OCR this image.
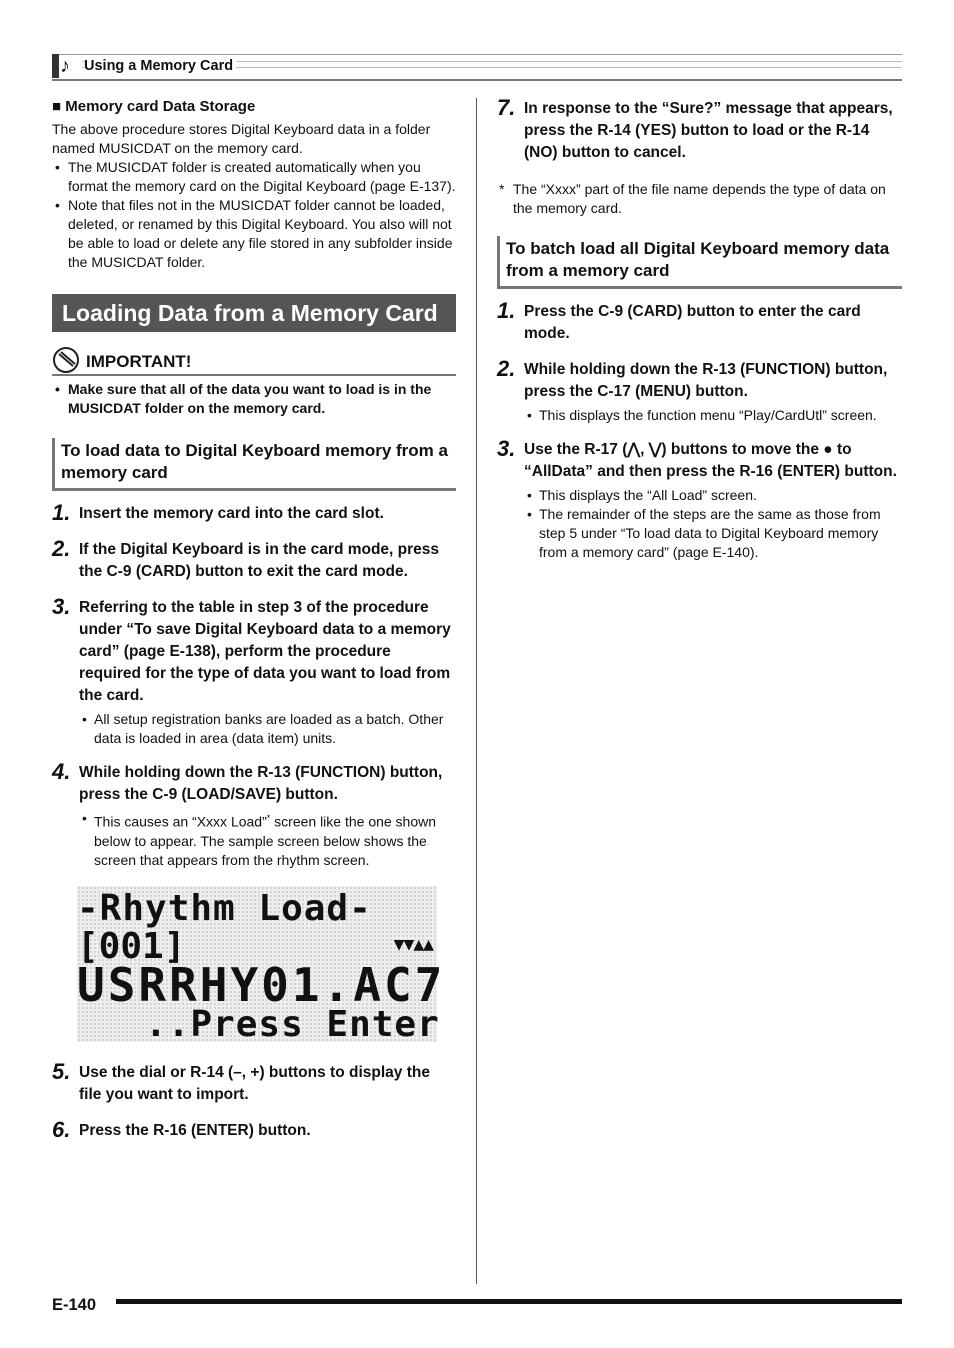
♪ Using a Memory Card
■ Memory card Data Storage

The above procedure stores Digital Keyboard data in a folder named MUSICDAT on the memory card.

• The MUSICDAT folder is created automatically when you format the memory card on the Digital Keyboard (page E-137).
• Note that files not in the MUSICDAT folder cannot be loaded, deleted, or renamed by this Digital Keyboard. You also will not be able to load or delete any file stored in any subfolder inside the MUSICDAT folder.
Loading Data from a Memory Card
IMPORTANT!
• Make sure that all of the data you want to load is in the MUSICDAT folder on the memory card.
To load data to Digital Keyboard memory from a memory card
1. Insert the memory card into the card slot.
2. If the Digital Keyboard is in the card mode, press the C-9 (CARD) button to exit the card mode.
3. Referring to the table in step 3 of the procedure under “To save Digital Keyboard data to a memory card” (page E-138), perform the procedure required for the type of data you want to load from the card.
• All setup registration banks are loaded as a batch. Other data is loaded in area (data item) units.
4. While holding down the R-13 (FUNCTION) button, press the C-9 (LOAD/SAVE) button.
• This causes an “Xxxx Load”* screen like the one shown below to appear. The sample screen below shows the screen that appears from the rhythm screen.
-Rhythm Load-
[001]	▼▼▲▲
USRRHY01.AC7
..Press Enter
5. Use the dial or R-14 (–, +) buttons to display the file you want to import.
6. Press the R-16 (ENTER) button.
7. In response to the “Sure?” message that appears, press the R-14 (YES) button to load or the R-14 (NO) button to cancel.
* The “Xxxx” part of the file name depends the type of data on the memory card.
To batch load all Digital Keyboard memory data from a memory card
1. Press the C-9 (CARD) button to enter the card mode.
2. While holding down the R-13 (FUNCTION) button, press the C-17 (MENU) button.
• This displays the function menu “Play/CardUtl” screen.
3. Use the R-17 (⋀, ⋁) buttons to move the ● to “AllData” and then press the R-16 (ENTER) button.
• This displays the “All Load” screen.
• The remainder of the steps are the same as those from step 5 under “To load data to Digital Keyboard memory from a memory card” (page E-140).
E-140
